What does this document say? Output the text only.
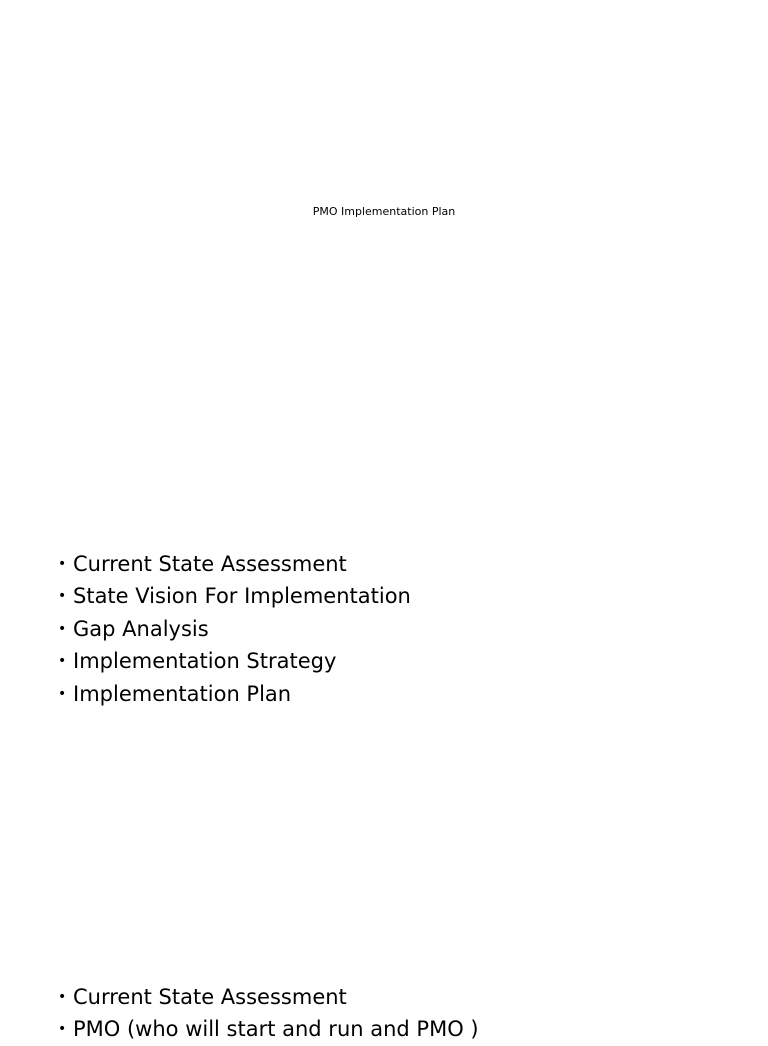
PMO Implementation Plan
• Current State Assessment
• State Vision For Implementation
• Gap Analysis
• Implementation Strategy
• Implementation Plan
• Current State Assessment
• PMO (who will start and run and PMO )
